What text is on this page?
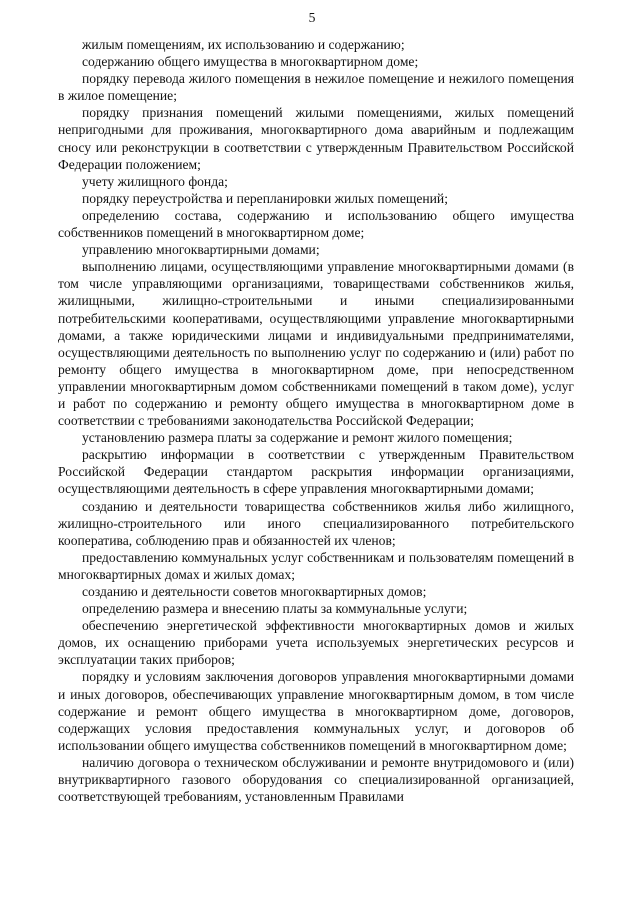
5

жилым помещениям, их использованию и содержанию;

содержанию общего имущества в многоквартирном доме;

порядку перевода жилого помещения в нежилое помещение и нежилого помещения в жилое помещение;

порядку признания помещений жилыми помещениями, жилых помещений непригодными для проживания, многоквартирного дома аварийным и подлежащим сносу или реконструкции в соответствии с утвержденным Правительством Российской Федерации положением;

учету жилищного фонда;

порядку переустройства и перепланировки жилых помещений;

определению состава, содержанию и использованию общего имущества собственников помещений в многоквартирном доме;

управлению многоквартирными домами;

выполнению лицами, осуществляющими управление многоквартирными домами (в том числе управляющими организациями, товариществами собственников жилья, жилищными, жилищно-строительными и иными специализированными потребительскими кооперативами, осуществляющими управление многоквартирными домами, а также юридическими лицами и индивидуальными предпринимателями, осуществляющими деятельность по выполнению услуг по содержанию и (или) работ по ремонту общего имущества в многоквартирном доме, при непосредственном управлении многоквартирным домом собственниками помещений в таком доме), услуг и работ по содержанию и ремонту общего имущества в многоквартирном доме в соответствии с требованиями законодательства Российской Федерации;

установлению размера платы за содержание и ремонт жилого помещения;

раскрытию информации в соответствии с утвержденным Правительством Российской Федерации стандартом раскрытия информации организациями, осуществляющими деятельность в сфере управления многоквартирными домами;

созданию и деятельности товарищества собственников жилья либо жилищного, жилищно-строительного или иного специализированного потребительского кооператива, соблюдению прав и обязанностей их членов;

предоставлению коммунальных услуг собственникам и пользователям помещений в многоквартирных домах и жилых домах;

созданию и деятельности советов многоквартирных домов;

определению размера и внесению платы за коммунальные услуги;

обеспечению энергетической эффективности многоквартирных домов и жилых домов, их оснащению приборами учета используемых энергетических ресурсов и эксплуатации таких приборов;

порядку и условиям заключения договоров управления многоквартирными домами и иных договоров, обеспечивающих управление многоквартирным домом, в том числе содержание и ремонт общего имущества в многоквартирном доме, договоров, содержащих условия предоставления коммунальных услуг, и договоров об использовании общего имущества собственников помещений в многоквартирном доме;

наличию договора о техническом обслуживании и ремонте внутридомового и (или) внутриквартирного газового оборудования со специализированной организацией, соответствующей требованиям, установленным Правилами
